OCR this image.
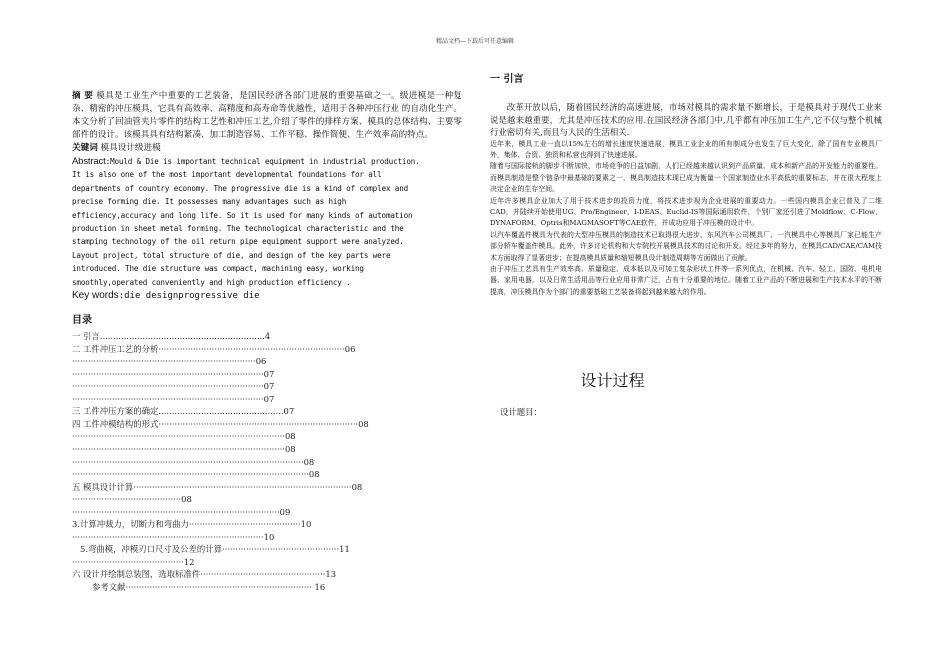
精品文档---下载后可任意编辑

摘 要 模具是工业生产中重要的工艺装备，是国民经济各部门进展的重要基础之一。级进模是一种复杂、精密的冲压模具，它具有高效率、高精度和高寿命等优越性，适用于各种冲压行业 的自动化生产。本文分析了回油管夹片零件的结构工艺性和冲压工艺,介绍了零件的排样方案、模具的总体结构、主要零部件的设计。该模具具有结构紧凑、加工制造容易、工作平稳、操作简便、生产效率高的特点。

关键词 模具设计级进模

Abstract:Mould & Die is important technical equipment in industrial production.
It is also one of the most important developmental foundations for all
departments of country economy. The progressive die is a kind of complex and
precise forming die. It possesses many advantages such as high
efficiency,accuracy and long life. So it is used for many kinds of automation
production in sheet metal forming. The technological characteristic and the
stamping technology of the oil return pipe equipment support were analyzed.
Layout project, total structure of die, and design of the key parts were
introduced. The die structure was compact, machining easy, working
smoothly,operated conveniently and high production efficiency .

Key words:die designprogressive die

目录

一 引言..............................................................4

二 工件冲压工艺的分析······································································06

·····································································06

········································································07

········································································07

········································································07

三 工件冲压方案的确定...............................................07

四 工件冲模结构的形式···········································································08

················································································08

················································································08

·······················································································08

·························································································08

五 模具设计计算··················································································08

·········································08

··············································································09

3.计算冲裁力，切断力和弯曲力··········································10

········································································10

5.弯曲模，冲模刃口尺寸及公差的计算············································11

··········································12

六 设计并绘制总装图，选取标准件···············································13

参考文献······································································ 16

一 引言

改革开放以后，随着国民经济的高速进展，市场对模具的需求量不断增长，于是模具对于现代工业来说是越来越重要，尤其是冲压技术的应用.在国民经济各部门中,几乎都有冲压加工生产,它不仅与整个机械行业密切有关,而且与人民的生活相关.

近年来，模具工业一直以15%左右的增长速度快速进展，模具工业企业的所有制成分也发生了巨大变化，除了国有专业模具厂外，集体、合资、独资和私营也得到了快速进展。

随着与国际接轨的脚步不断加快，市场竞争的日益加剧，人们已经越来越认识到产品质量、成本和新产品的开发能力的重要性。而模具制造是整个链条中最基础的要素之一，模具制造技术现已成为衡量一个国家制造业水平高低的重要标志，并在很大程度上决定企业的生存空间。

近年许多模具企业加大了用于技术进步的投资力度，将技术进步视为企业进展的重要动力。一些国内模具企业已普及了二维CAD，并陆续开始使用UG、Pro/Engineer、I-DEAS、Euclid-IS等国际通用软件，个别厂家还引进了Moldflow、C-Flow、DYNAFORM、Optris和MAGMASOFT等CAE软件，并成功应用于冲压模的设计中。

以汽车覆盖件模具为代表的大型冲压模具的制造技术已取得很大进步，东风汽车公司模具厂、一汽模具中心等模具厂家已能生产部分轿车覆盖件模具。此外，许多讨论机构和大专院校开展模具技术的讨论和开发。经过多年的努力，在模具CAD/CAE/CAM技术方面取得了显著进步；在提高模具质量和缩短模具设计制造周期等方面做出了贡献。

由于冲压工艺具有生产效率高、质量稳定、成本低以及可加工复杂形状工件等一系列优点，在机械、汽车、轻工、国防、电机电器、家用电器，以及日常生活用品等行业应用非常广泛，占有十分重要的地位。随着工业产品的不断进展和生产技术水平的不断提高，冲压模具作为个部门的重要基础工艺装备将起到越来越大的作用。

设计过程
设计题目：
